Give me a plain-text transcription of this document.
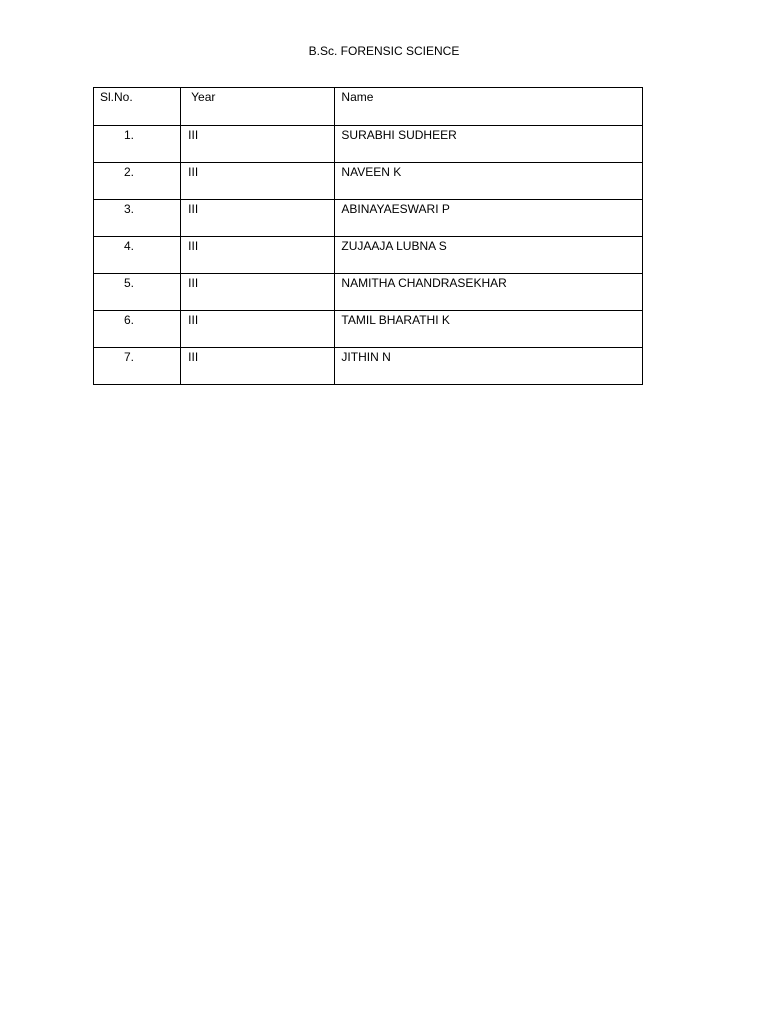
B.Sc. FORENSIC SCIENCE
Sl.No.	Year	Name
1.	III	SURABHI SUDHEER
2.	III	NAVEEN K
3.	III	ABINAYAESWARI P
4.	III	ZUJAAJA LUBNA S
5.	III	NAMITHA CHANDRASEKHAR
6.	III	TAMIL BHARATHI K
7.	III	JITHIN N
